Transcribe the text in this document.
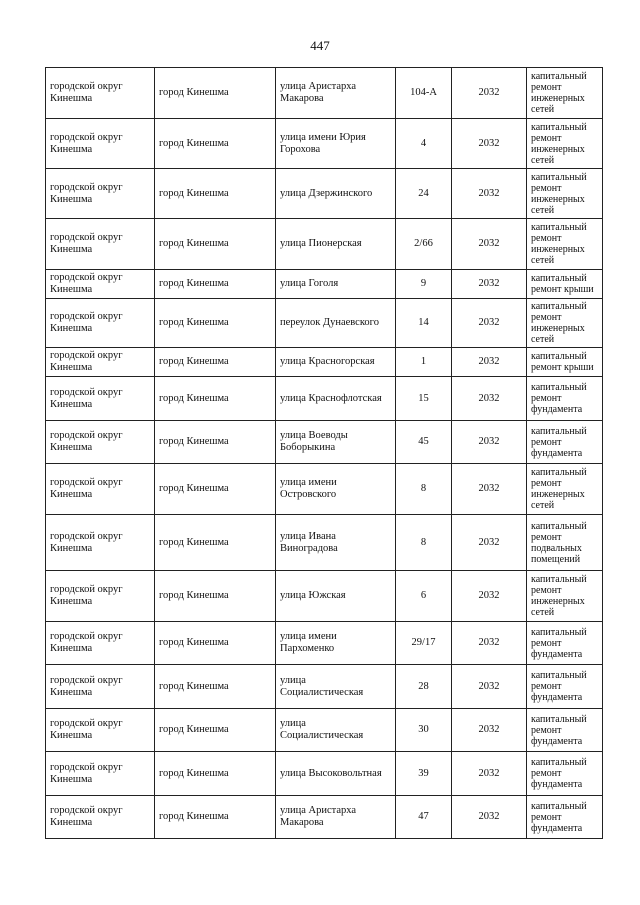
447
городской округ Кинешма	город Кинешма	улица Аристарха Макарова	104-А	2032	капитальный ремонт инженерных сетей
городской округ Кинешма	город Кинешма	улица имени Юрия Горохова	4	2032	капитальный ремонт инженерных сетей
городской округ Кинешма	город Кинешма	улица Дзержинского	24	2032	капитальный ремонт инженерных сетей
городской округ Кинешма	город Кинешма	улица Пионерская	2/66	2032	капитальный ремонт инженерных сетей
городской округ Кинешма	город Кинешма	улица Гоголя	9	2032	капитальный ремонт крыши
городской округ Кинешма	город Кинешма	переулок Дунаевского	14	2032	капитальный ремонт инженерных сетей
городской округ Кинешма	город Кинешма	улица Красногорская	1	2032	капитальный ремонт крыши
городской округ Кинешма	город Кинешма	улица Краснофлотская	15	2032	капитальный ремонт фундамента
городской округ Кинешма	город Кинешма	улица Воеводы Боборыкина	45	2032	капитальный ремонт фундамента
городской округ Кинешма	город Кинешма	улица имени Островского	8	2032	капитальный ремонт инженерных сетей
городской округ Кинешма	город Кинешма	улица Ивана Виноградова	8	2032	капитальный ремонт подвальных помещений
городской округ Кинешма	город Кинешма	улица Южская	6	2032	капитальный ремонт инженерных сетей
городской округ Кинешма	город Кинешма	улица имени Пархоменко	29/17	2032	капитальный ремонт фундамента
городской округ Кинешма	город Кинешма	улица Социалистическая	28	2032	капитальный ремонт фундамента
городской округ Кинешма	город Кинешма	улица Социалистическая	30	2032	капитальный ремонт фундамента
городской округ Кинешма	город Кинешма	улица Высоковольтная	39	2032	капитальный ремонт фундамента
городской округ Кинешма	город Кинешма	улица Аристарха Макарова	47	2032	капитальный ремонт фундамента
